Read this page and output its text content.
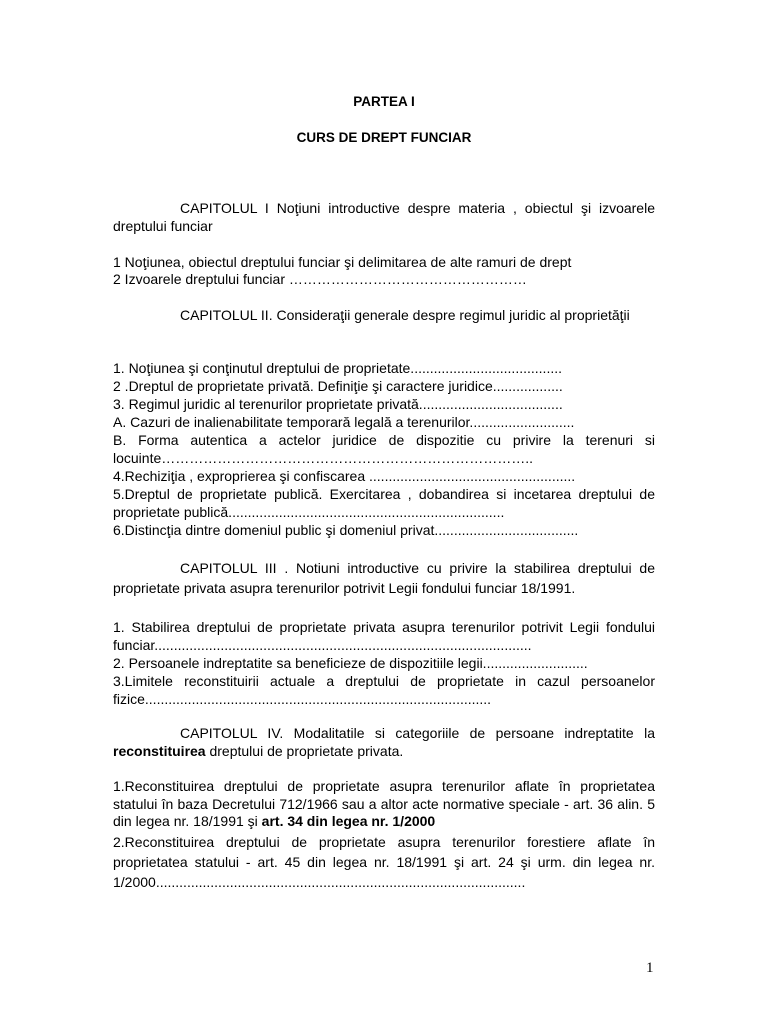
PARTEA I
CURS DE DREPT FUNCIAR
CAPITOLUL I Noţiuni introductive despre materia , obiectul şi izvoarele dreptului funciar
1 Noţiunea, obiectul dreptului funciar şi delimitarea de alte ramuri de drept
2 Izvoarele dreptului funciar ……………………………………………
CAPITOLUL II. Consideraţii generale despre regimul juridic al proprietăţii
1. Noţiunea şi conţinutul dreptului de proprietate.......................................
2 .Dreptul de proprietate privată. Definiţie şi caractere juridice..................
3. Regimul juridic al terenurilor proprietate privată.....................................
A. Cazuri de inalienabilitate temporară legală a terenurilor...........................
B. Forma autentica a actelor juridice de dispozitie cu privire la terenuri si locuinte……………………………………………………………………..
4.Rechiziţia , exproprierea şi confiscarea .....................................................
5.Dreptul de proprietate publică. Exercitarea , dobandirea si incetarea dreptului de proprietate publică.......................................................................
6.Distincţia dintre domeniul public şi domeniul privat.....................................
CAPITOLUL III . Notiuni introductive cu privire la stabilirea dreptului de proprietate privata asupra terenurilor potrivit Legii fondului funciar 18/1991.
1. Stabilirea dreptului de proprietate privata asupra terenurilor potrivit Legii fondului funciar.................................................................................................
2. Persoanele indreptatite sa beneficieze de dispozitiile legii...........................
3.Limitele reconstituirii actuale a dreptului de proprietate in cazul persoanelor fizice.........................................................................................
CAPITOLUL IV. Modalitatile si categoriile de persoane indreptatite la reconstituirea dreptului de proprietate privata.
1.Reconstituirea dreptului de proprietate asupra terenurilor aflate în proprietatea statului în baza Decretului 712/1966 sau a altor acte normative speciale - art. 36 alin. 5 din legea nr. 18/1991 şi art. 34 din legea nr. 1/2000
2.Reconstituirea dreptului de proprietate asupra terenurilor forestiere aflate în proprietatea statului - art. 45 din legea nr. 18/1991 şi art. 24 şi urm. din legea nr. 1/2000...............................................................................................
1
